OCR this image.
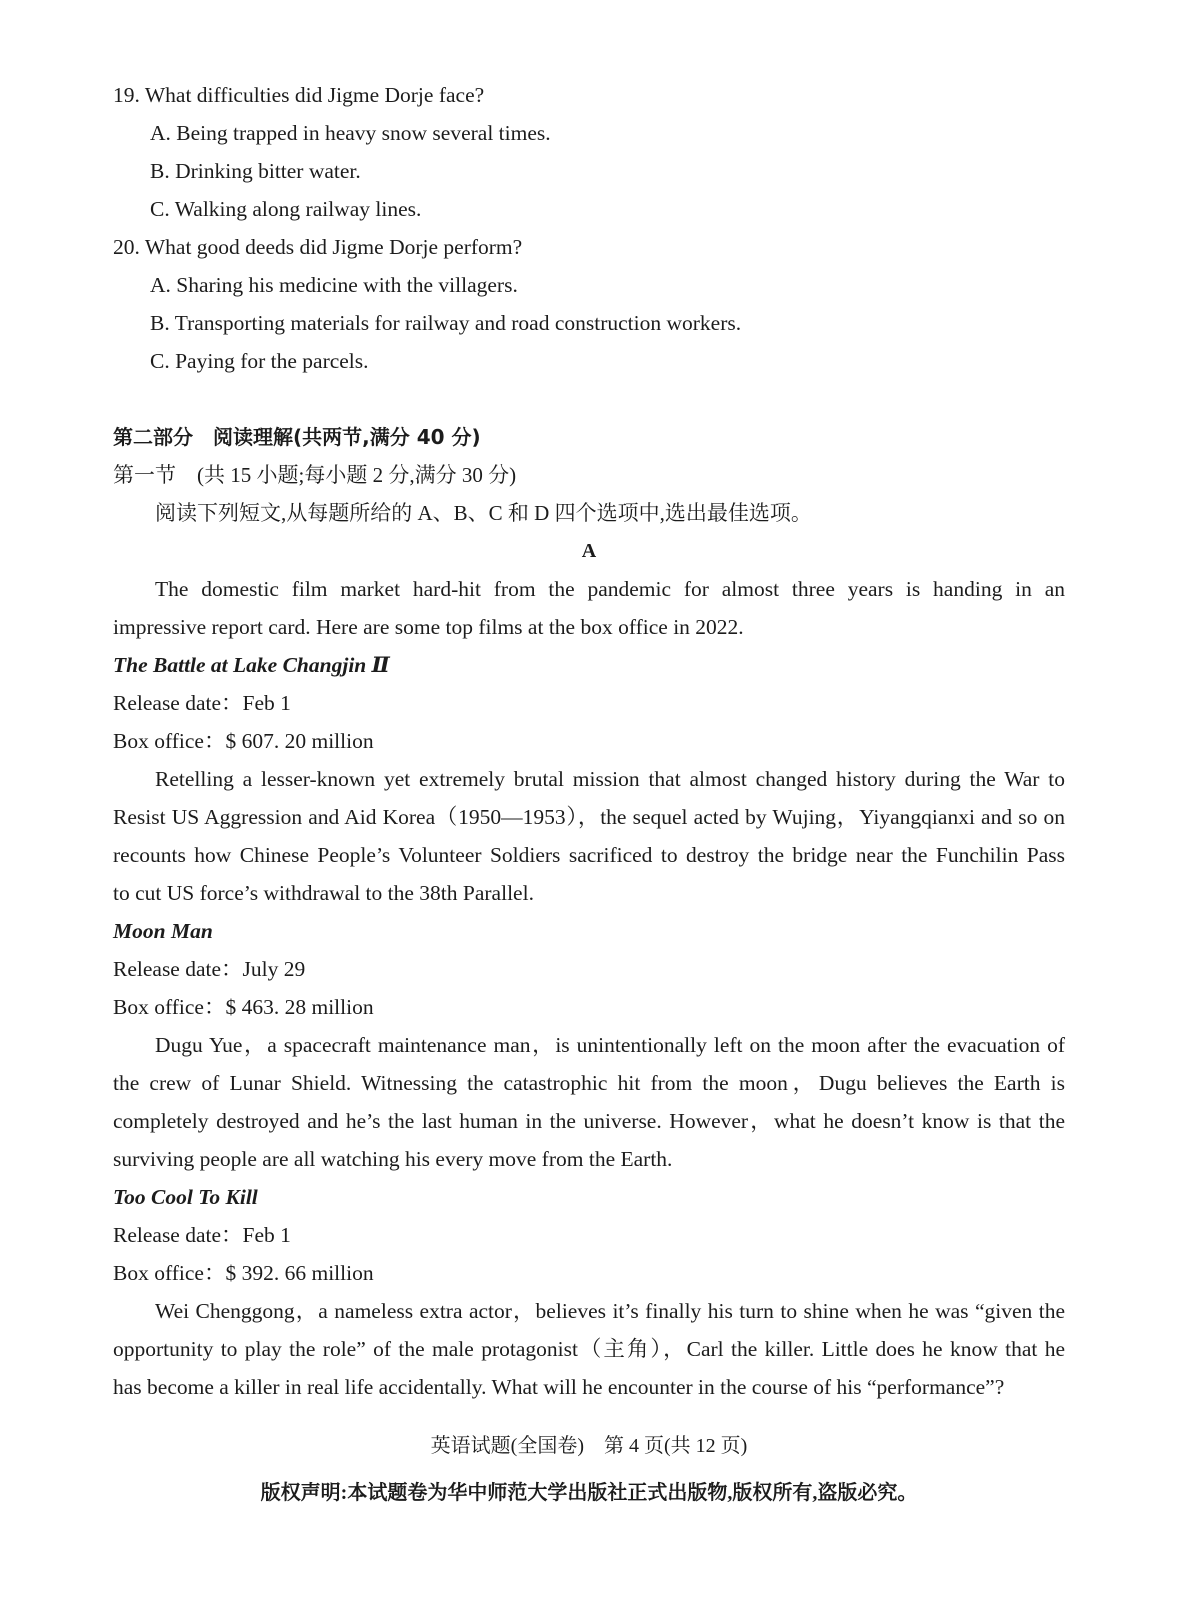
19. What difficulties did Jigme Dorje face?
A. Being trapped in heavy snow several times.
B. Drinking bitter water.
C. Walking along railway lines.
20. What good deeds did Jigme Dorje perform?
A. Sharing his medicine with the villagers.
B. Transporting materials for railway and road construction workers.
C. Paying for the parcels.
第二部分　阅读理解(共两节,满分 40 分)
第一节　(共 15 小题;每小题 2 分,满分 30 分)
阅读下列短文,从每题所给的 A、B、C 和 D 四个选项中,选出最佳选项。
A
The domestic film market hard-hit from the pandemic for almost three years is handing in an
impressive report card. Here are some top films at the box office in 2022.
The Battle at Lake Changjin Ⅱ
Release date：Feb 1
Box office：$ 607. 20 million
Retelling a lesser-known yet extremely brutal mission that almost changed history during the War to
Resist US Aggression and Aid Korea（1950—1953），the sequel acted by Wujing，Yiyangqianxi and so on
recounts how Chinese People’s Volunteer Soldiers sacrificed to destroy the bridge near the Funchilin Pass
to cut US force’s withdrawal to the 38th Parallel.
Moon Man
Release date：July 29
Box office：$ 463. 28 million
Dugu Yue，a spacecraft maintenance man，is unintentionally left on the moon after the evacuation of
the crew of Lunar Shield. Witnessing the catastrophic hit from the moon，Dugu believes the Earth is
completely destroyed and he’s the last human in the universe. However，what he doesn’t know is that the
surviving people are all watching his every move from the Earth.
Too Cool To Kill
Release date：Feb 1
Box office：$ 392. 66 million
Wei Chenggong，a nameless extra actor，believes it’s finally his turn to shine when he was “given the
opportunity to play the role” of the male protagonist（主角），Carl the killer. Little does he know that he
has become a killer in real life accidentally. What will he encounter in the course of his “performance”?
英语试题(全国卷)　第 4 页(共 12 页)
版权声明:本试题卷为华中师范大学出版社正式出版物,版权所有,盗版必究。
